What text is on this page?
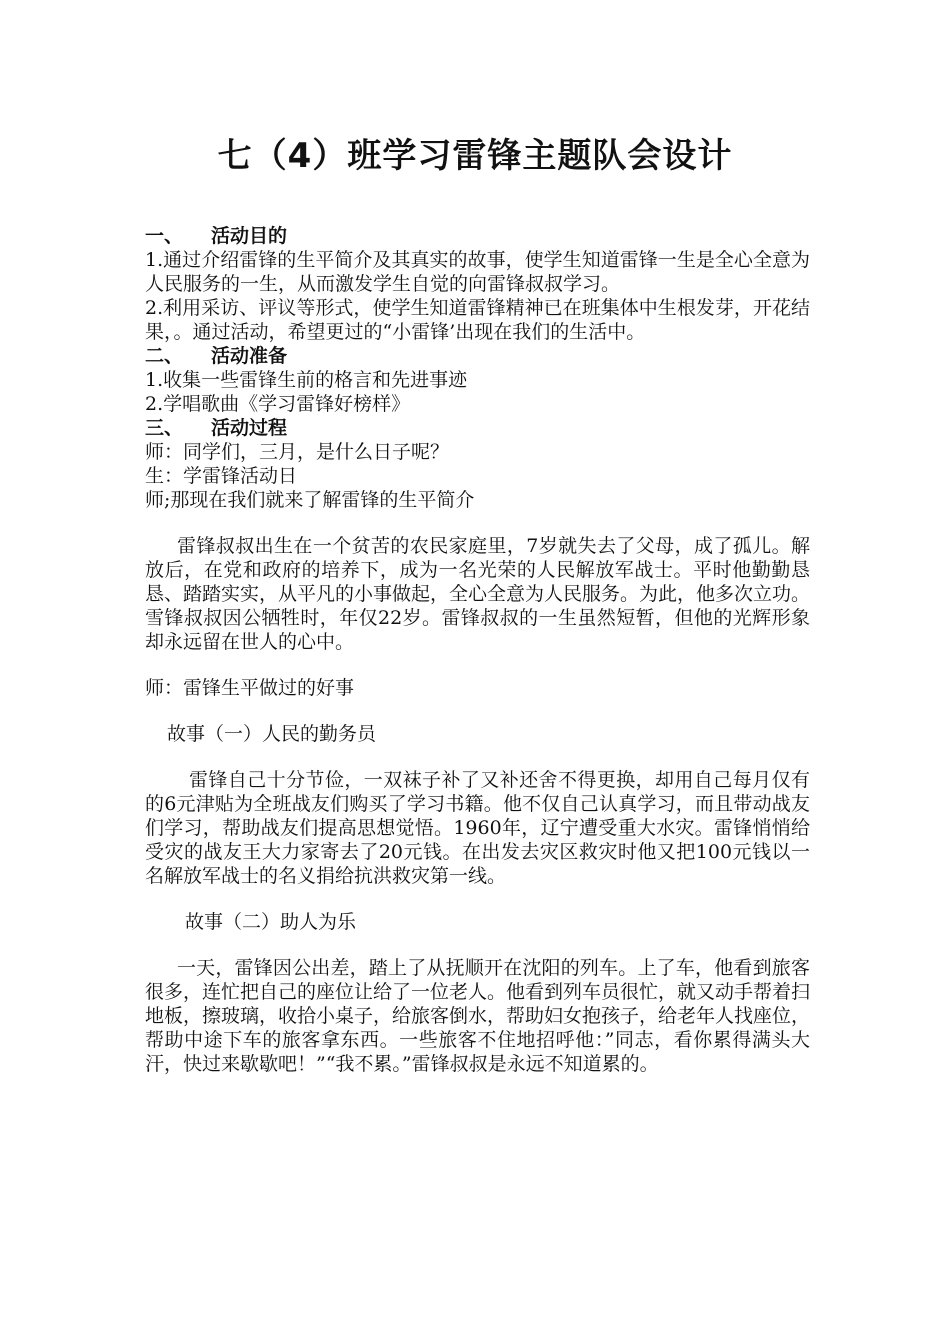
七（4）班学习雷锋主题队会设计
一、 活动目的

1.通过介绍雷锋的生平简介及其真实的故事，使学生知道雷锋一生是全心全意为人民服务的一生，从而激发学生自觉的向雷锋叔叔学习。

2.利用采访、评议等形式，使学生知道雷锋精神已在班集体中生根发芽，开花结果，。通过活动，希望更过的“小雷锋’出现在我们的生活中。

二、 活动准备

1.收集一些雷锋生前的格言和先进事迹

2.学唱歌曲《学习雷锋好榜样》

三、 活动过程

师：同学们，三月，是什么日子呢？

生：学雷锋活动日

师;那现在我们就来了解雷锋的生平简介

雷锋叔叔出生在一个贫苦的农民家庭里，7岁就失去了父母，成了孤儿。解放后，在党和政府的培养下，成为一名光荣的人民解放军战士。平时他勤勤恳恳、踏踏实实，从平凡的小事做起，全心全意为人民服务。为此，他多次立功。雪锋叔叔因公牺牲时，年仅22岁。雷锋叔叔的一生虽然短暂，但他的光辉形象却永远留在世人的心中。

师：雷锋生平做过的好事

故事（一）人民的勤务员

雷锋自己十分节俭，一双袜子补了又补还舍不得更换，却用自己每月仅有的6元津贴为全班战友们购买了学习书籍。他不仅自己认真学习，而且带动战友们学习，帮助战友们提高思想觉悟。1960年，辽宁遭受重大水灾。雷锋悄悄给受灾的战友王大力家寄去了20元钱。在出发去灾区救灾时他又把100元钱以一名解放军战士的名义捐给抗洪救灾第一线。

故事（二）助人为乐

一天，雷锋因公出差，踏上了从抚顺开在沈阳的列车。上了车，他看到旅客很多，连忙把自己的座位让给了一位老人。他看到列车员很忙，就又动手帮着扫地板，擦玻璃，收拾小桌子，给旅客倒水，帮助妇女抱孩子，给老年人找座位，帮助中途下车的旅客拿东西。一些旅客不住地招呼他：”同志，看你累得满头大汗，快过来歇歇吧！”“我不累。”雷锋叔叔是永远不知道累的。
